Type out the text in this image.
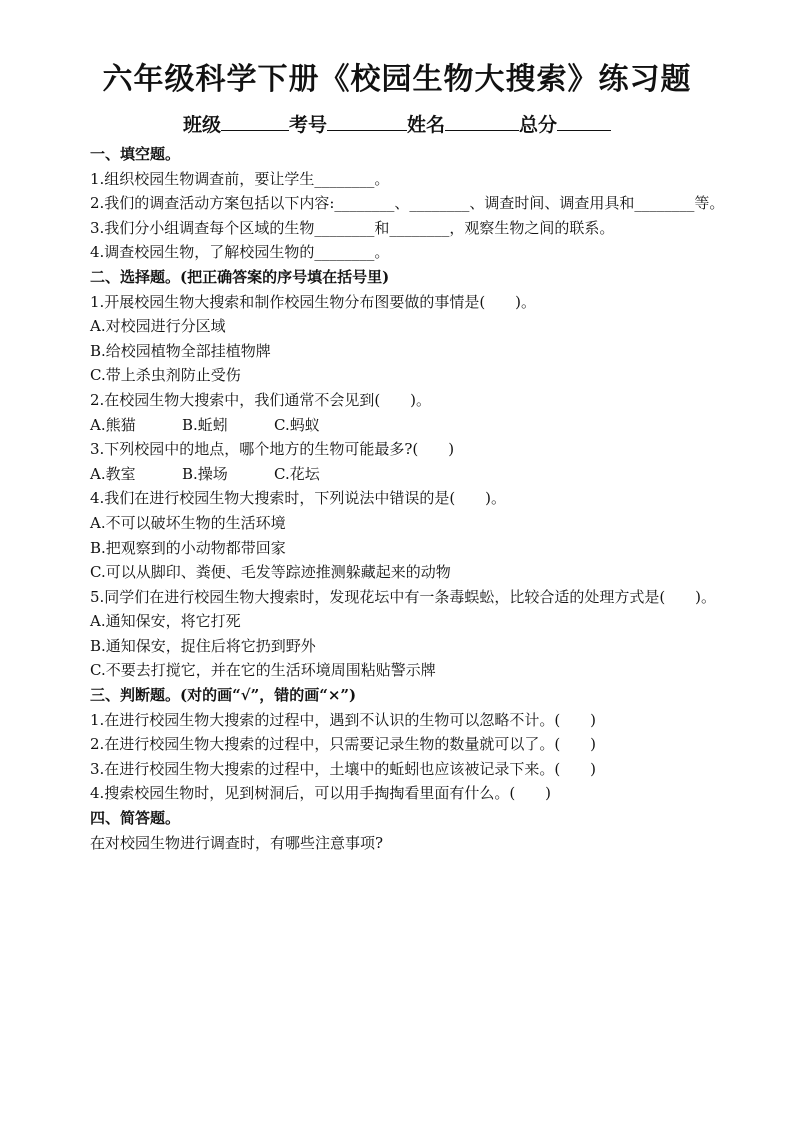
六年级科学下册《校园生物大搜索》练习题
班级	考号	姓名	总分
一、填空题。
1.组织校园生物调查前，要让学生________。
2.我们的调查活动方案包括以下内容:________、________、调查时间、调查用具和________等。
3.我们分小组调查每个区域的生物________和________，观察生物之间的联系。
4.调查校园生物，了解校园生物的________。
二、选择题。(把正确答案的序号填在括号里)
1.开展校园生物大搜索和制作校园生物分布图要做的事情是(　　)。
A.对校园进行分区域
B.给校园植物全部挂植物牌
C.带上杀虫剂防止受伤
2.在校园生物大搜索中，我们通常不会见到(　　)。
A.熊猫	B.蚯蚓	C.蚂蚁
3.下列校园中的地点，哪个地方的生物可能最多?(　　)
A.教室	B.操场	C.花坛
4.我们在进行校园生物大搜索时，下列说法中错误的是(　　)。
A.不可以破坏生物的生活环境
B.把观察到的小动物都带回家
C.可以从脚印、粪便、毛发等踪迹推测躲藏起来的动物
5.同学们在进行校园生物大搜索时，发现花坛中有一条毒蜈蚣，比较合适的处理方式是(　　)。
A.通知保安，将它打死
B.通知保安，捉住后将它扔到野外
C.不要去打搅它，并在它的生活环境周围粘贴警示牌
三、判断题。(对的画“√”，错的画“×”)
1.在进行校园生物大搜索的过程中，遇到不认识的生物可以忽略不计。(　　)
2.在进行校园生物大搜索的过程中，只需要记录生物的数量就可以了。(　　)
3.在进行校园生物大搜索的过程中，土壤中的蚯蚓也应该被记录下来。(　　)
4.搜索校园生物时，见到树洞后，可以用手掏掏看里面有什么。(　　)
四、简答题。
在对校园生物进行调查时，有哪些注意事项?
